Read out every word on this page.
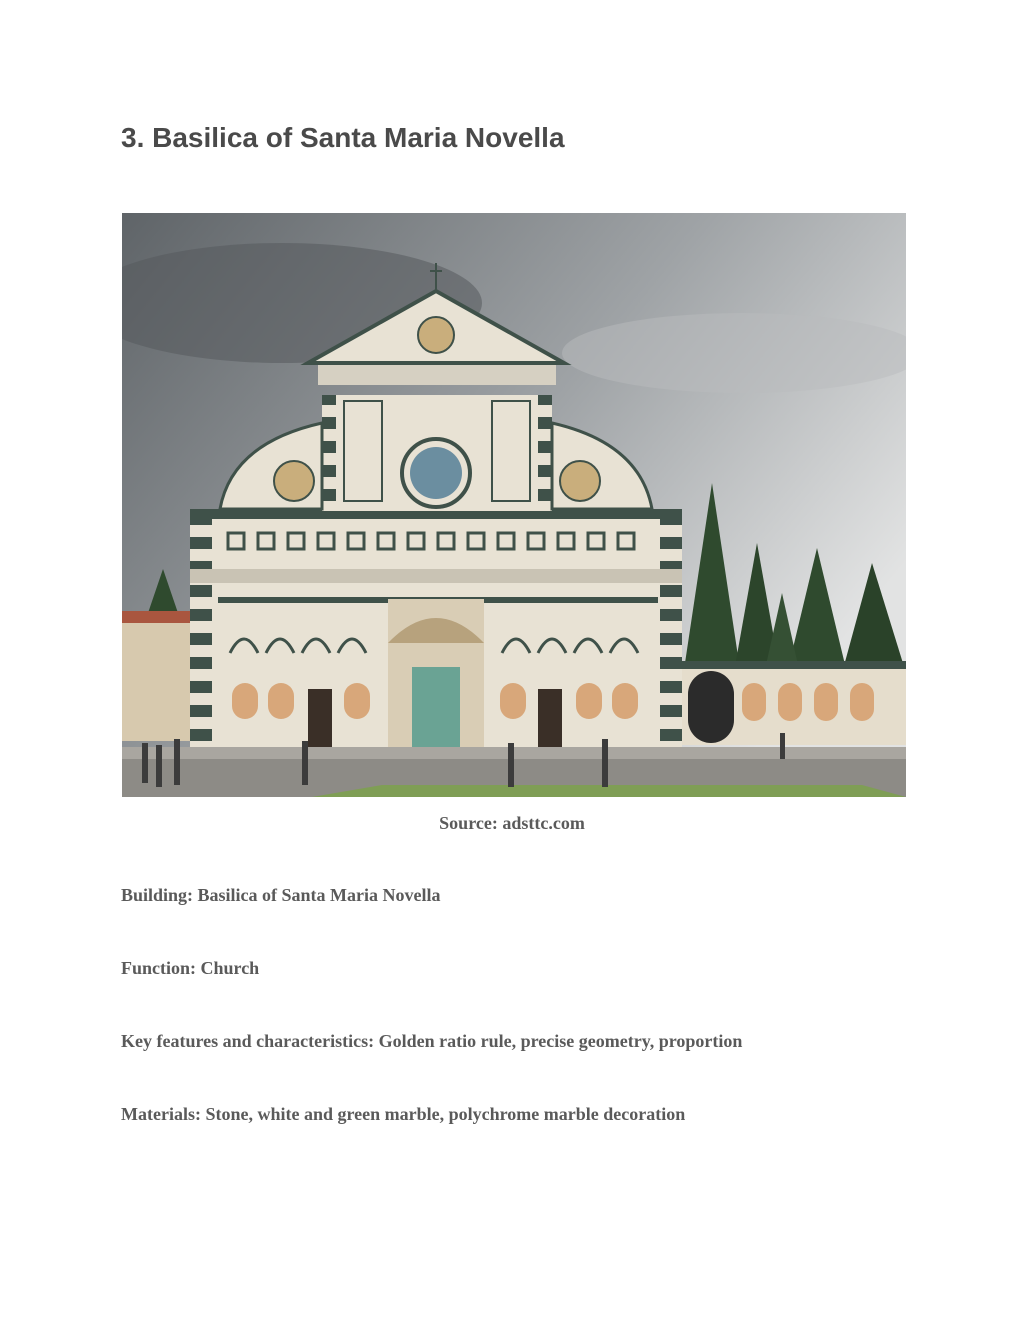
3. Basilica of Santa Maria Novella
Source: adsttc.com
Building: Basilica of Santa Maria Novella
Function: Church
Key features and characteristics: Golden ratio rule, precise geometry, proportion
Materials: Stone, white and green marble, polychrome marble decoration
